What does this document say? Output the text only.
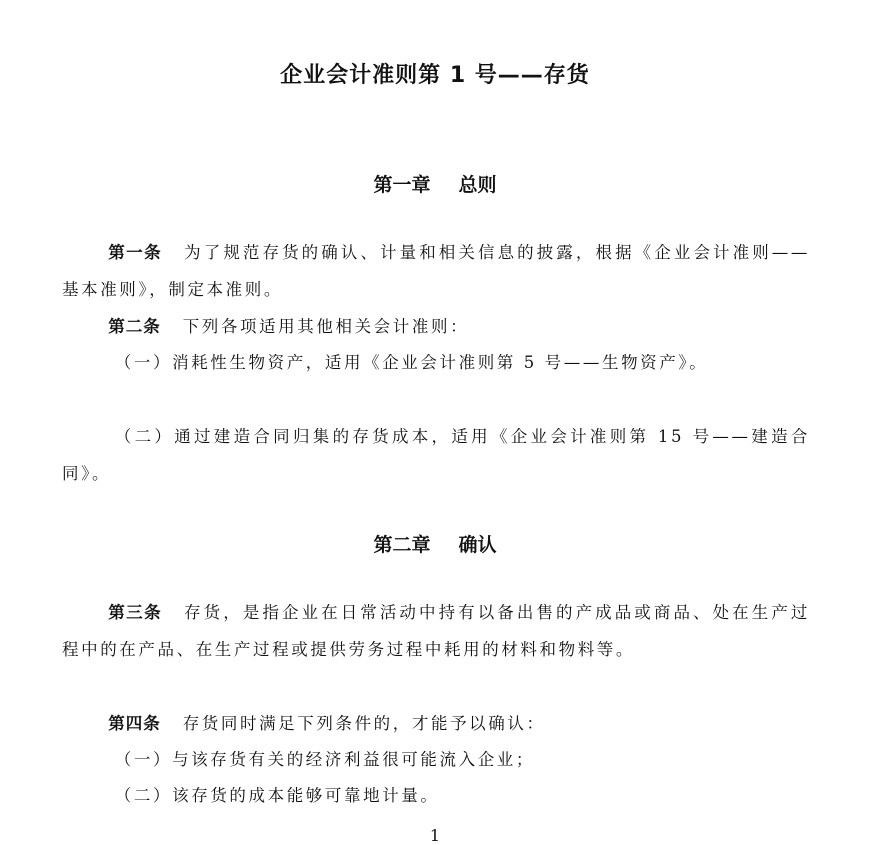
企业会计准则第 1 号——存货
第一章 总则
第一条 为了规范存货的确认、计量和相关信息的披露，根据《企业会计准则——基本准则》，制定本准则。
第二条 下列各项适用其他相关会计准则：
（一）消耗性生物资产，适用《企业会计准则第 5 号——生物资产》。
（二）通过建造合同归集的存货成本，适用《企业会计准则第 15 号——建造合同》。
第二章 确认
第三条 存货，是指企业在日常活动中持有以备出售的产成品或商品、处在生产过程中的在产品、在生产过程或提供劳务过程中耗用的材料和物料等。
第四条 存货同时满足下列条件的，才能予以确认：
（一）与该存货有关的经济利益很可能流入企业；
（二）该存货的成本能够可靠地计量。
1
